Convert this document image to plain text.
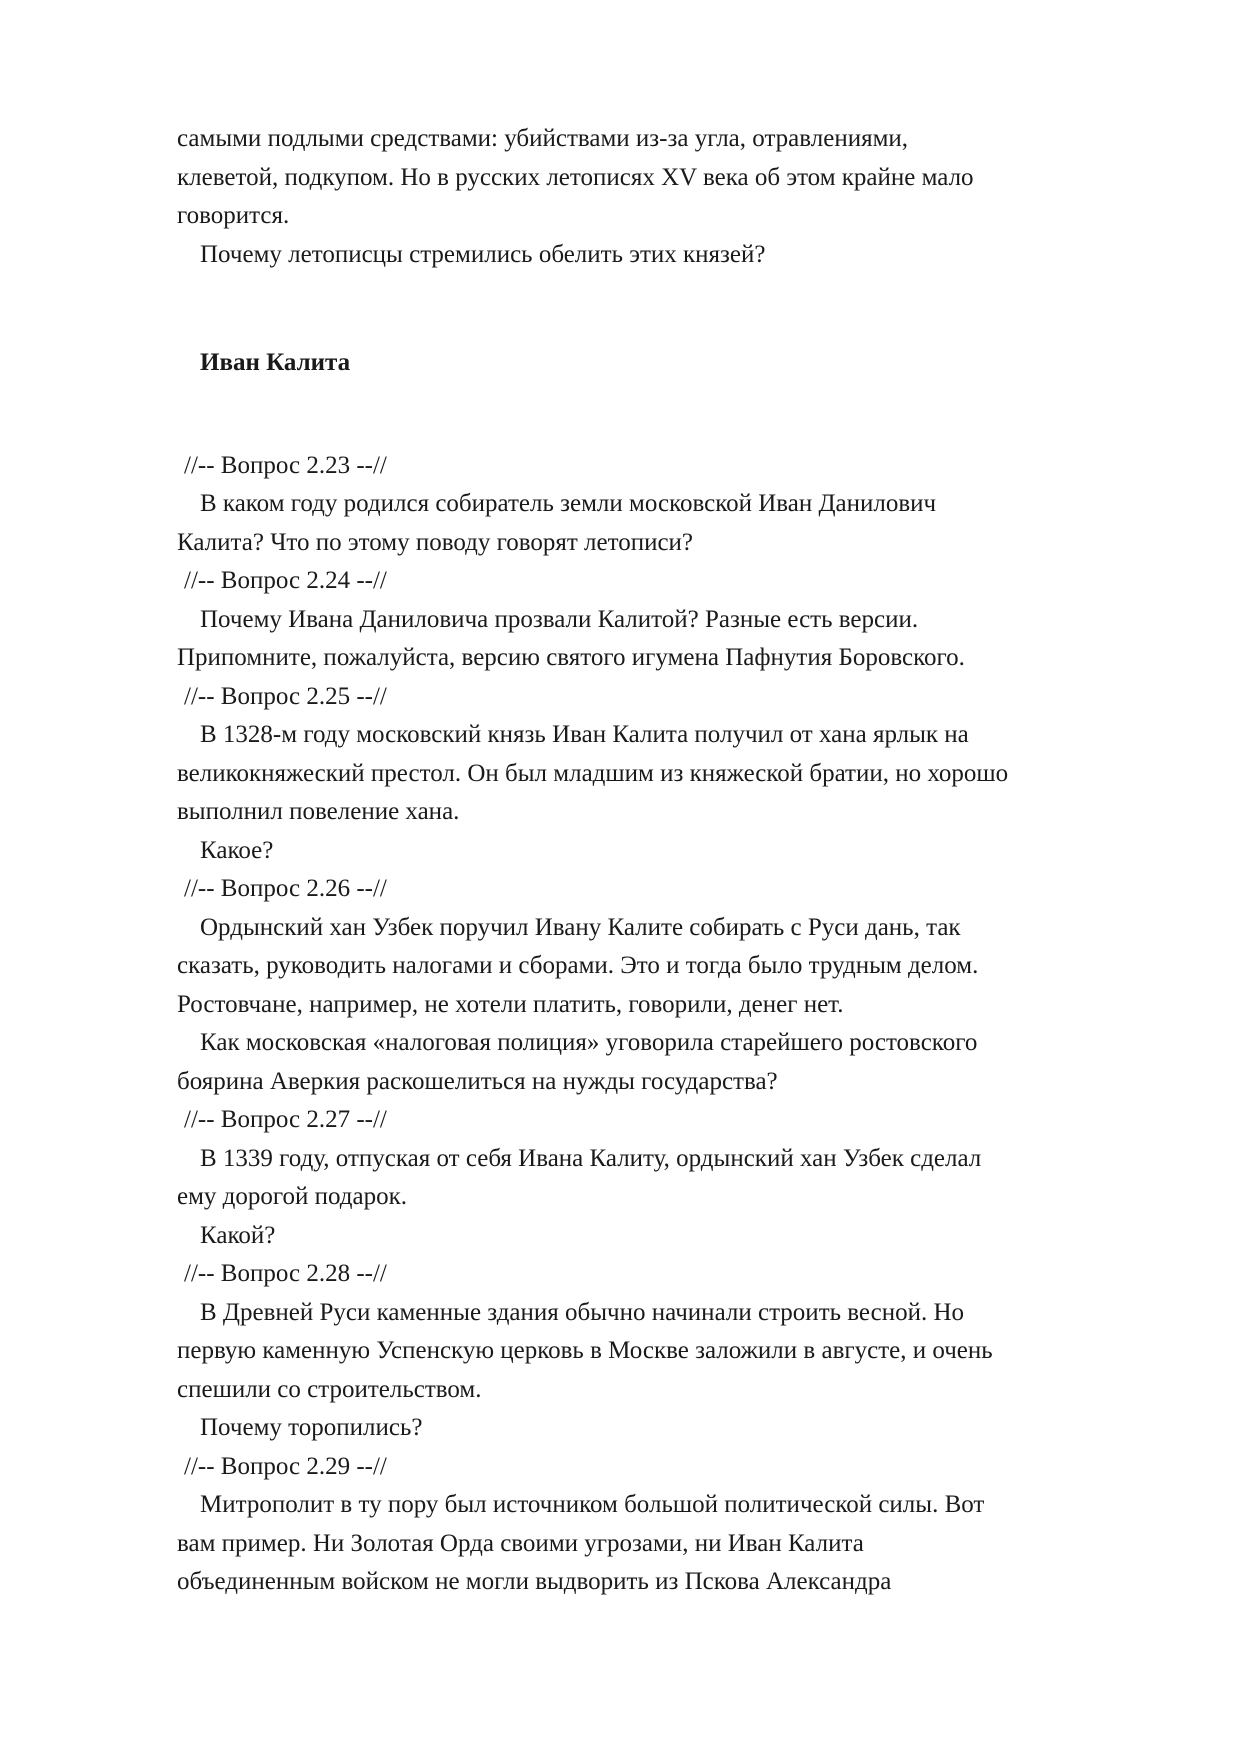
самыми подлыми средствами: убийствами из-за угла, отравлениями,
клеветой, подкупом. Но в русских летописях XV века об этом крайне мало
говорится.
Почему летописцы стремились обелить этих князей?
Иван Калита
//-- Вопрос 2.23 --//
В каком году родился собиратель земли московской Иван Данилович
Калита? Что по этому поводу говорят летописи?
//-- Вопрос 2.24 --//
Почему Ивана Даниловича прозвали Калитой? Разные есть версии.
Припомните, пожалуйста, версию святого игумена Пафнутия Боровского.
//-- Вопрос 2.25 --//
В 1328-м году московский князь Иван Калита получил от хана ярлык на
великокняжеский престол. Он был младшим из княжеской братии, но хорошо
выполнил повеление хана.
Какое?
//-- Вопрос 2.26 --//
Ордынский хан Узбек поручил Ивану Калите собирать с Руси дань, так
сказать, руководить налогами и сборами. Это и тогда было трудным делом.
Ростовчане, например, не хотели платить, говорили, денег нет.
Как московская «налоговая полиция» уговорила старейшего ростовского
боярина Аверкия раскошелиться на нужды государства?
//-- Вопрос 2.27 --//
В 1339 году, отпуская от себя Ивана Калиту, ордынский хан Узбек сделал
ему дорогой подарок.
Какой?
//-- Вопрос 2.28 --//
В Древней Руси каменные здания обычно начинали строить весной. Но
первую каменную Успенскую церковь в Москве заложили в августе, и очень
спешили со строительством.
Почему торопились?
//-- Вопрос 2.29 --//
Митрополит в ту пору был источником большой политической силы. Вот
вам пример. Ни Золотая Орда своими угрозами, ни Иван Калита
объединенным войском не могли выдворить из Пскова Александра
